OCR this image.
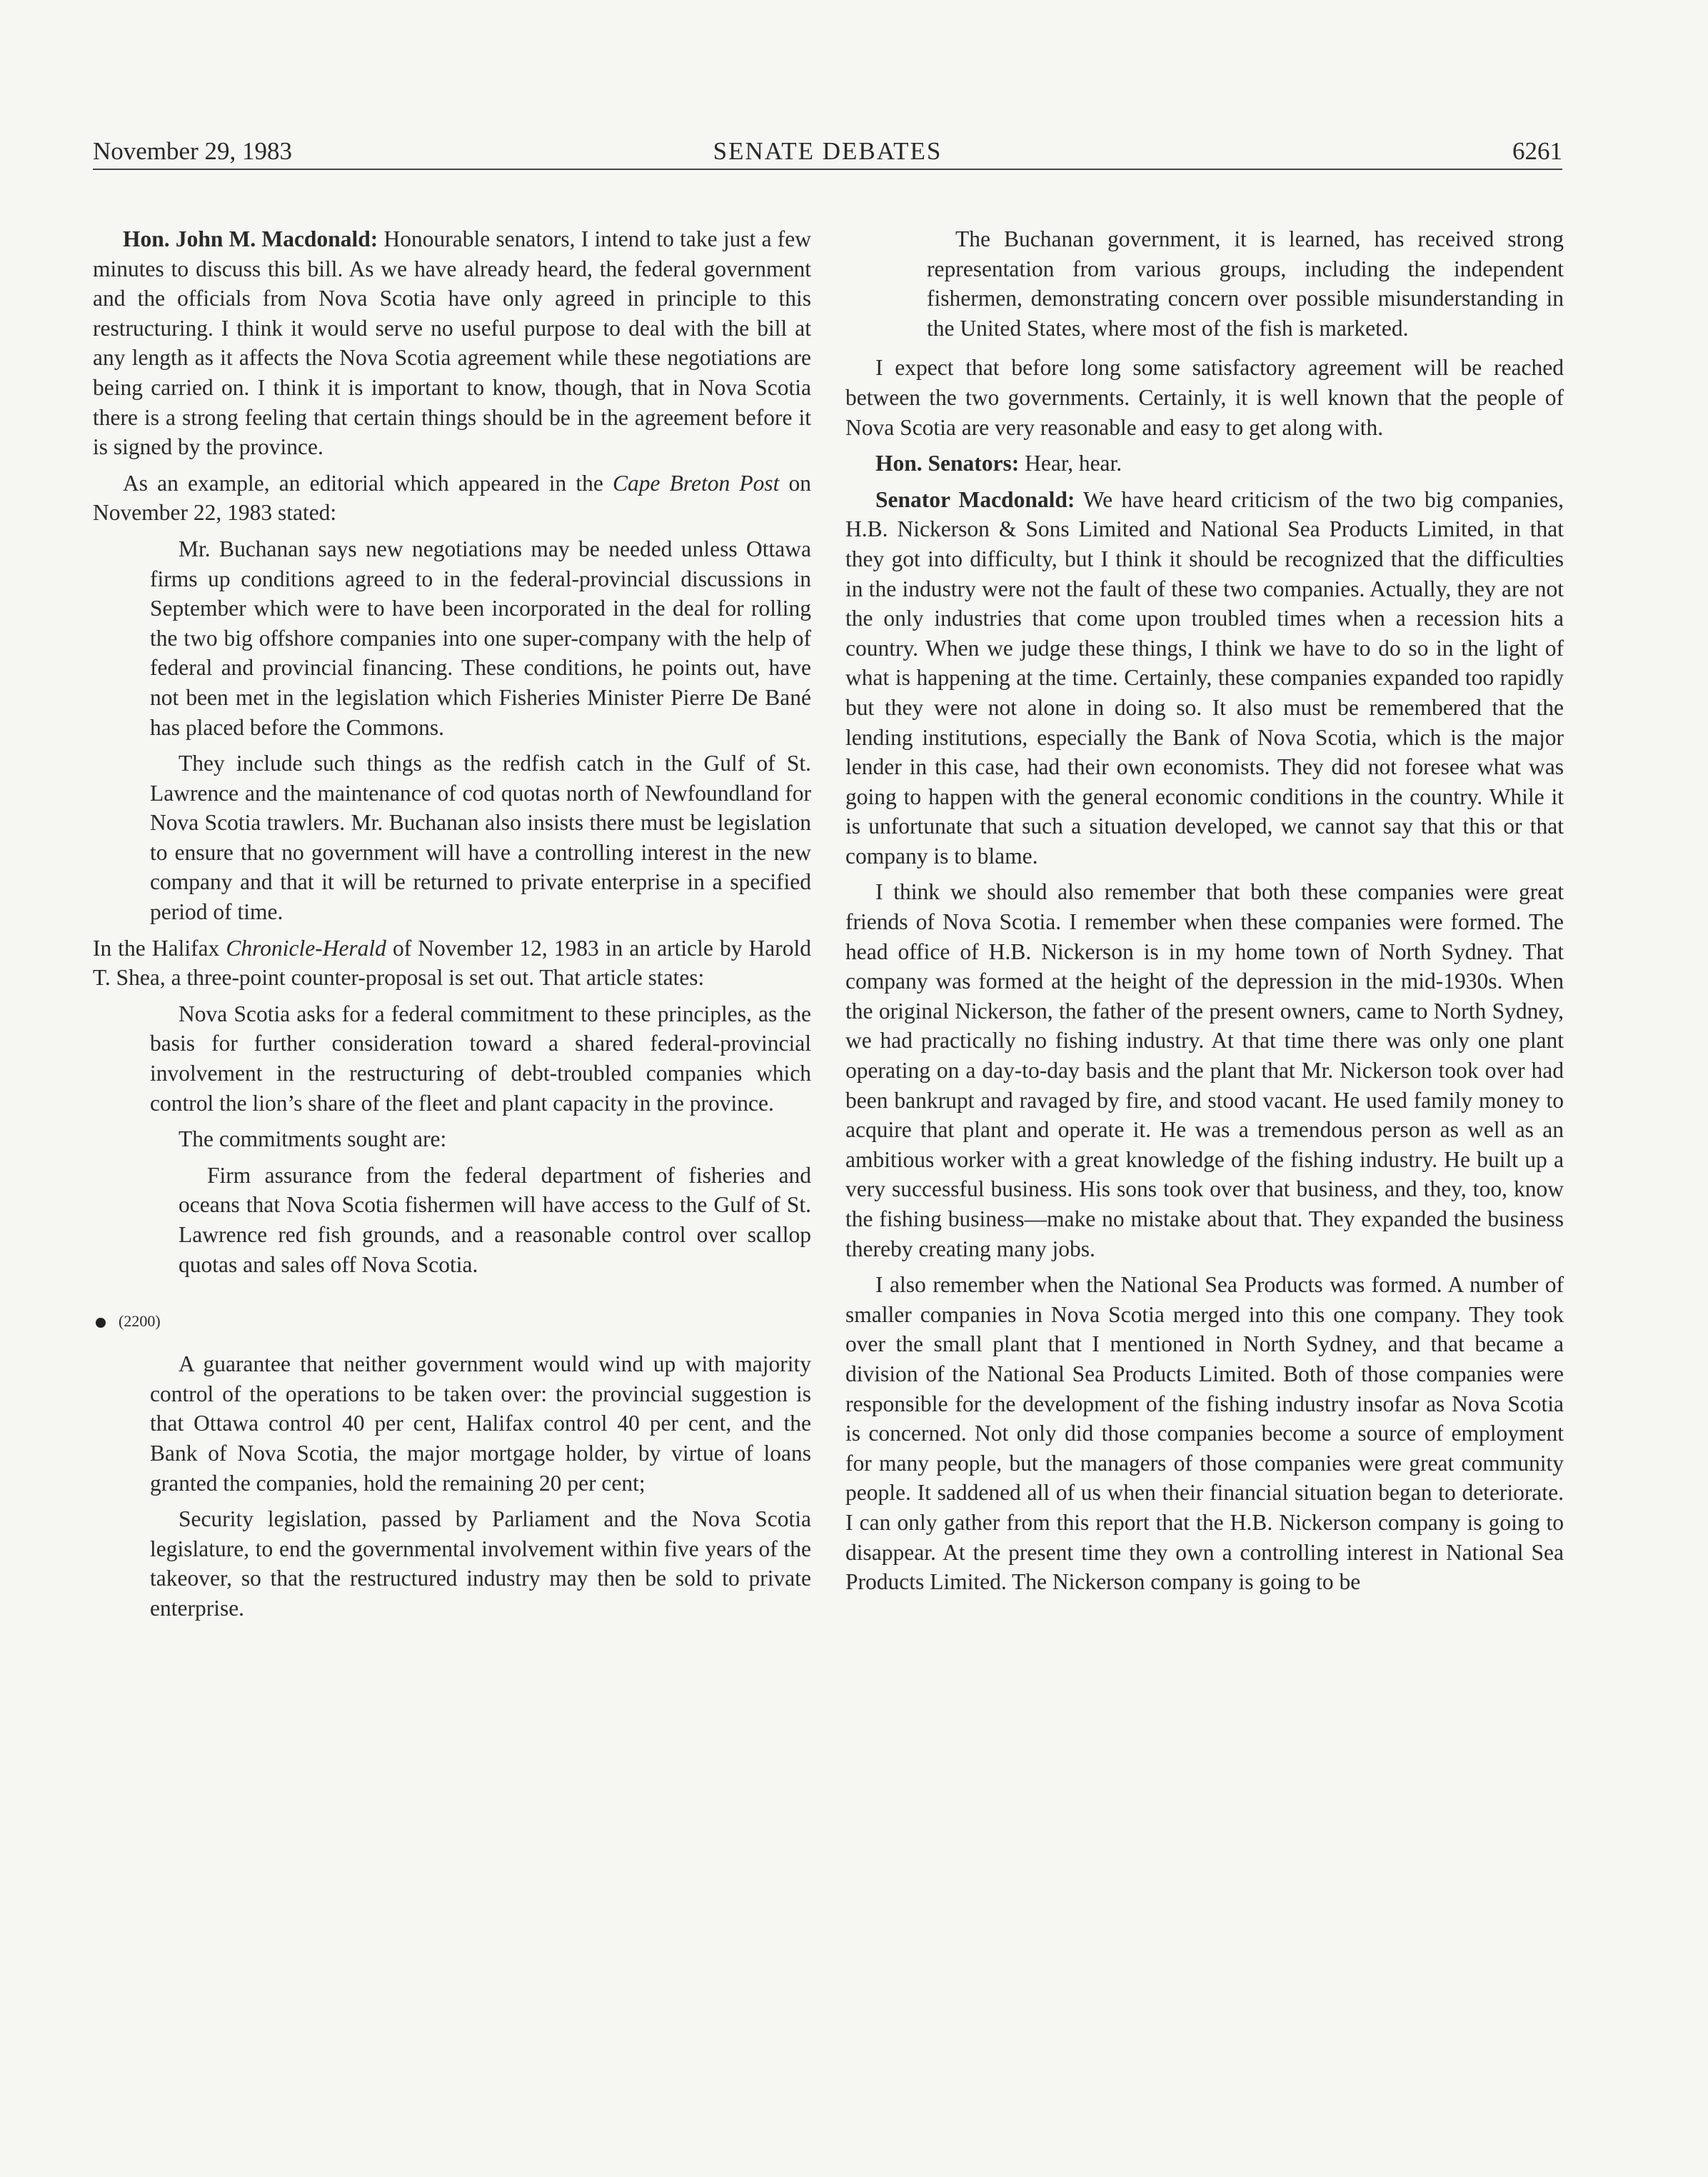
November 29, 1983	SENATE DEBATES	6261

Hon. John M. Macdonald: Honourable senators, I intend to take just a few minutes to discuss this bill. As we have already heard, the federal government and the officials from Nova Scotia have only agreed in principle to this restructuring. I think it would serve no useful purpose to deal with the bill at any length as it affects the Nova Scotia agreement while these negotiations are being carried on. I think it is important to know, though, that in Nova Scotia there is a strong feeling that certain things should be in the agreement before it is signed by the province.

As an example, an editorial which appeared in the Cape Breton Post on November 22, 1983 stated:

Mr. Buchanan says new negotiations may be needed unless Ottawa firms up conditions agreed to in the federal-provincial discussions in September which were to have been incorporated in the deal for rolling the two big offshore companies into one super-company with the help of federal and provincial financing. These conditions, he points out, have not been met in the legislation which Fisheries Minister Pierre De Bané has placed before the Commons.

They include such things as the redfish catch in the Gulf of St. Lawrence and the maintenance of cod quotas north of Newfoundland for Nova Scotia trawlers. Mr. Buchanan also insists there must be legislation to ensure that no government will have a controlling interest in the new company and that it will be returned to private enterprise in a specified period of time.

In the Halifax Chronicle-Herald of November 12, 1983 in an article by Harold T. Shea, a three-point counter-proposal is set out. That article states:

Nova Scotia asks for a federal commitment to these principles, as the basis for further consideration toward a shared federal-provincial involvement in the restructuring of debt-troubled companies which control the lion’s share of the fleet and plant capacity in the province.

The commitments sought are:

Firm assurance from the federal department of fisheries and oceans that Nova Scotia fishermen will have access to the Gulf of St. Lawrence red fish grounds, and a reasonable control over scallop quotas and sales off Nova Scotia.

(2200)

A guarantee that neither government would wind up with majority control of the operations to be taken over: the provincial suggestion is that Ottawa control 40 per cent, Halifax control 40 per cent, and the Bank of Nova Scotia, the major mortgage holder, by virtue of loans granted the companies, hold the remaining 20 per cent;

Security legislation, passed by Parliament and the Nova Scotia legislature, to end the governmental involvement within five years of the takeover, so that the restructured industry may then be sold to private enterprise.

The Buchanan government, it is learned, has received strong representation from various groups, including the independent fishermen, demonstrating concern over possible misunderstanding in the United States, where most of the fish is marketed.

I expect that before long some satisfactory agreement will be reached between the two governments. Certainly, it is well known that the people of Nova Scotia are very reasonable and easy to get along with.

Hon. Senators: Hear, hear.

Senator Macdonald: We have heard criticism of the two big companies, H.B. Nickerson & Sons Limited and National Sea Products Limited, in that they got into difficulty, but I think it should be recognized that the difficulties in the industry were not the fault of these two companies. Actually, they are not the only industries that come upon troubled times when a recession hits a country. When we judge these things, I think we have to do so in the light of what is happening at the time. Certainly, these companies expanded too rapidly but they were not alone in doing so. It also must be remembered that the lending institutions, especially the Bank of Nova Scotia, which is the major lender in this case, had their own economists. They did not foresee what was going to happen with the general economic conditions in the country. While it is unfortunate that such a situation developed, we cannot say that this or that company is to blame.

I think we should also remember that both these companies were great friends of Nova Scotia. I remember when these companies were formed. The head office of H.B. Nickerson is in my home town of North Sydney. That company was formed at the height of the depression in the mid-1930s. When the original Nickerson, the father of the present owners, came to North Sydney, we had practically no fishing industry. At that time there was only one plant operating on a day-to-day basis and the plant that Mr. Nickerson took over had been bankrupt and ravaged by fire, and stood vacant. He used family money to acquire that plant and operate it. He was a tremendous person as well as an ambitious worker with a great knowledge of the fishing industry. He built up a very successful business. His sons took over that business, and they, too, know the fishing business—make no mistake about that. They expanded the business thereby creating many jobs.

I also remember when the National Sea Products was formed. A number of smaller companies in Nova Scotia merged into this one company. They took over the small plant that I mentioned in North Sydney, and that became a division of the National Sea Products Limited. Both of those companies were responsible for the development of the fishing industry insofar as Nova Scotia is concerned. Not only did those companies become a source of employment for many people, but the managers of those companies were great community people. It saddened all of us when their financial situation began to deteriorate. I can only gather from this report that the H.B. Nickerson company is going to disappear. At the present time they own a controlling interest in National Sea Products Limited. The Nickerson company is going to be
